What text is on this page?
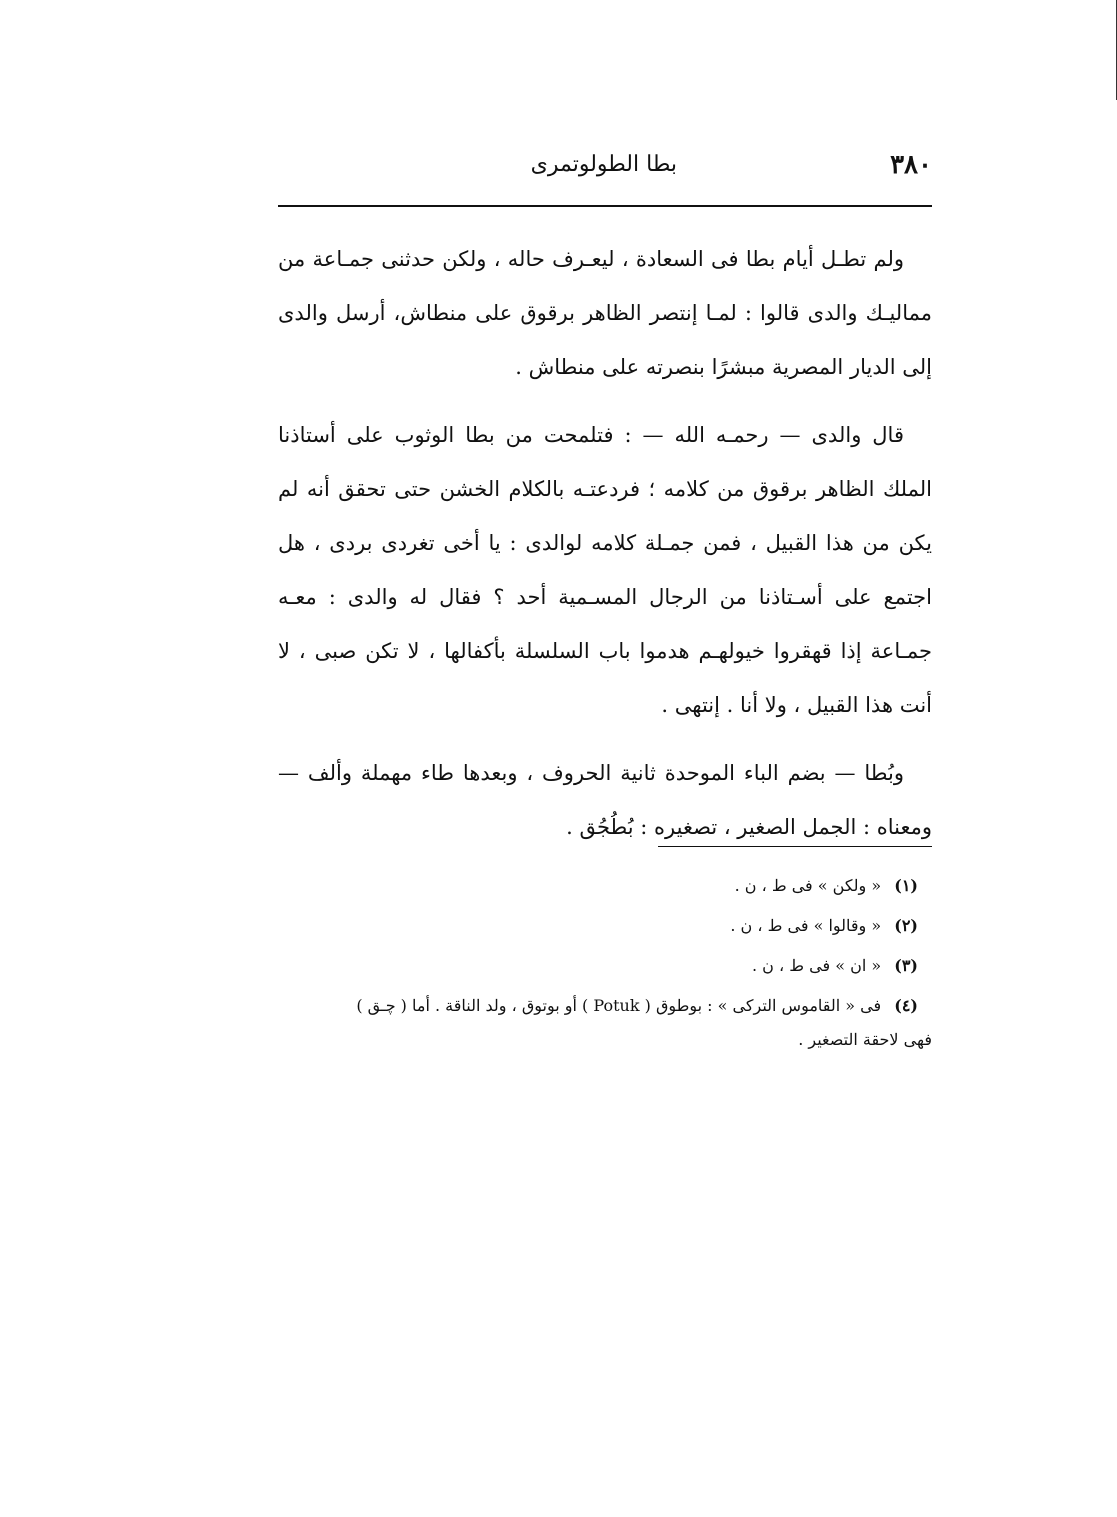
٣٨٠
بطا الطولوتمرى

ولم تطـل أيام بطا فى السعادة ، ليعـرف حاله ، ولكن حدثنى جمـاعة من مماليـك والدى قالوا : لمـا إنتصر الظاهر برقوق على منطاش، أرسل والدى إلى الديار المصرية مبشرًا بنصرته على منطاش .

قال والدى — رحمـه الله — : فتلمحت من بطا الوثوب على أستاذنا الملك الظاهر برقوق من كلامه ؛ فردعتـه بالكلام الخشن حتى تحقق أنه لم يكن من هذا القبيل ، فمن جمـلة كلامه لوالدى : يا أخى تغردى بردى ، هل اجتمع على أسـتاذنا من الرجال المسـمية أحد ؟ فقال له والدى : معـه جمـاعة إذا قهقروا خيولهـم هدموا باب السلسلة بأكفالها ، لا تكن صبى ، لا أنت هذا القبيل ، ولا أنا . إنتهى .

وبُطا — بضم الباء الموحدة ثانية الحروف ، وبعدها طاء مهملة وألف — ومعناه : الجمل الصغير ، تصغيره : بُطُجُق .

(١) « ولكن » فى ط ، ن .

(٢) « وقالوا » فى ط ، ن .

(٣) « ان » فى ط ، ن .

(٤) فى « القاموس التركى » : بوطوق ( Potuk ) أو بوتوق ، ولد الناقة . أما ( چـق )

فهى لاحقة التصغير .
